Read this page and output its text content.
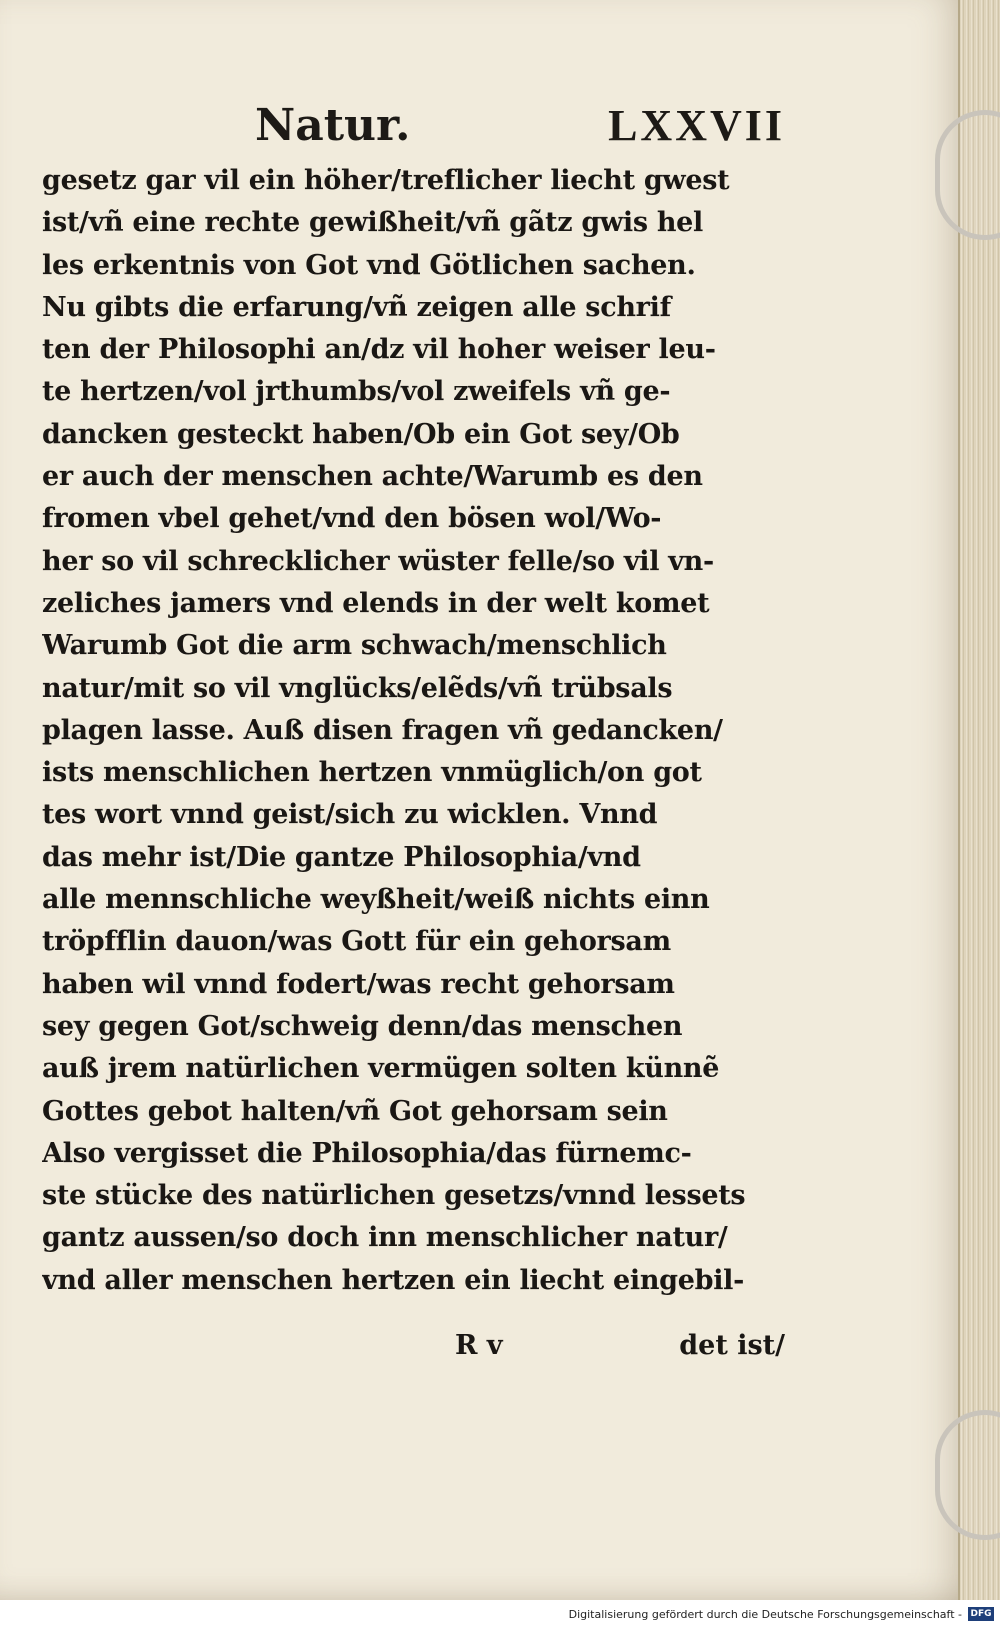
Natur.	LXXVII
gesetz gar vil ein höher/treflicher liecht gwest
ist/vñ eine rechte gewißheit/vñ gãtz gwis hel
les erkentnis von Got vnd Götlichen sachen.
Nu gibts die erfarung/vñ zeigen alle schrif
ten der Philosophi an/dz vil hoher weiser leu-
te hertzen/vol jrthumbs/vol zweifels vñ ge-
dancken gesteckt haben/Ob ein Got sey/Ob
er auch der menschen achte/Warumb es den
fromen vbel gehet/vnd den bösen wol/Wo-
her so vil schrecklicher wüster felle/so vil vn-
zeliches jamers vnd elends in der welt komet
Warumb Got die arm schwach/menschlich
natur/mit so vil vnglücks/elẽds/vñ trübsals
plagen lasse. Auß disen fragen vñ gedancken/
ists menschlichen hertzen vnmüglich/on got
tes wort vnnd geist/sich zu wicklen. Vnnd
das mehr ist/Die gantze Philosophia/vnd
alle mennschliche weyßheit/weiß nichts einn
tröpfflin dauon/was Gott für ein gehorsam
haben wil vnnd fodert/was recht gehorsam
sey gegen Got/schweig denn/das menschen
auß jrem natürlichen vermügen solten künnẽ
Gottes gebot halten/vñ Got gehorsam sein
Also vergisset die Philosophia/das fürnemc-
ste stücke des natürlichen gesetzs/vnnd lessets
gantz aussen/so doch inn menschlicher natur/
vnd aller menschen hertzen ein liecht eingebil-
R v	det ist/
Digitalisierung gefördert durch die Deutsche Forschungsgemeinschaft - DFG
